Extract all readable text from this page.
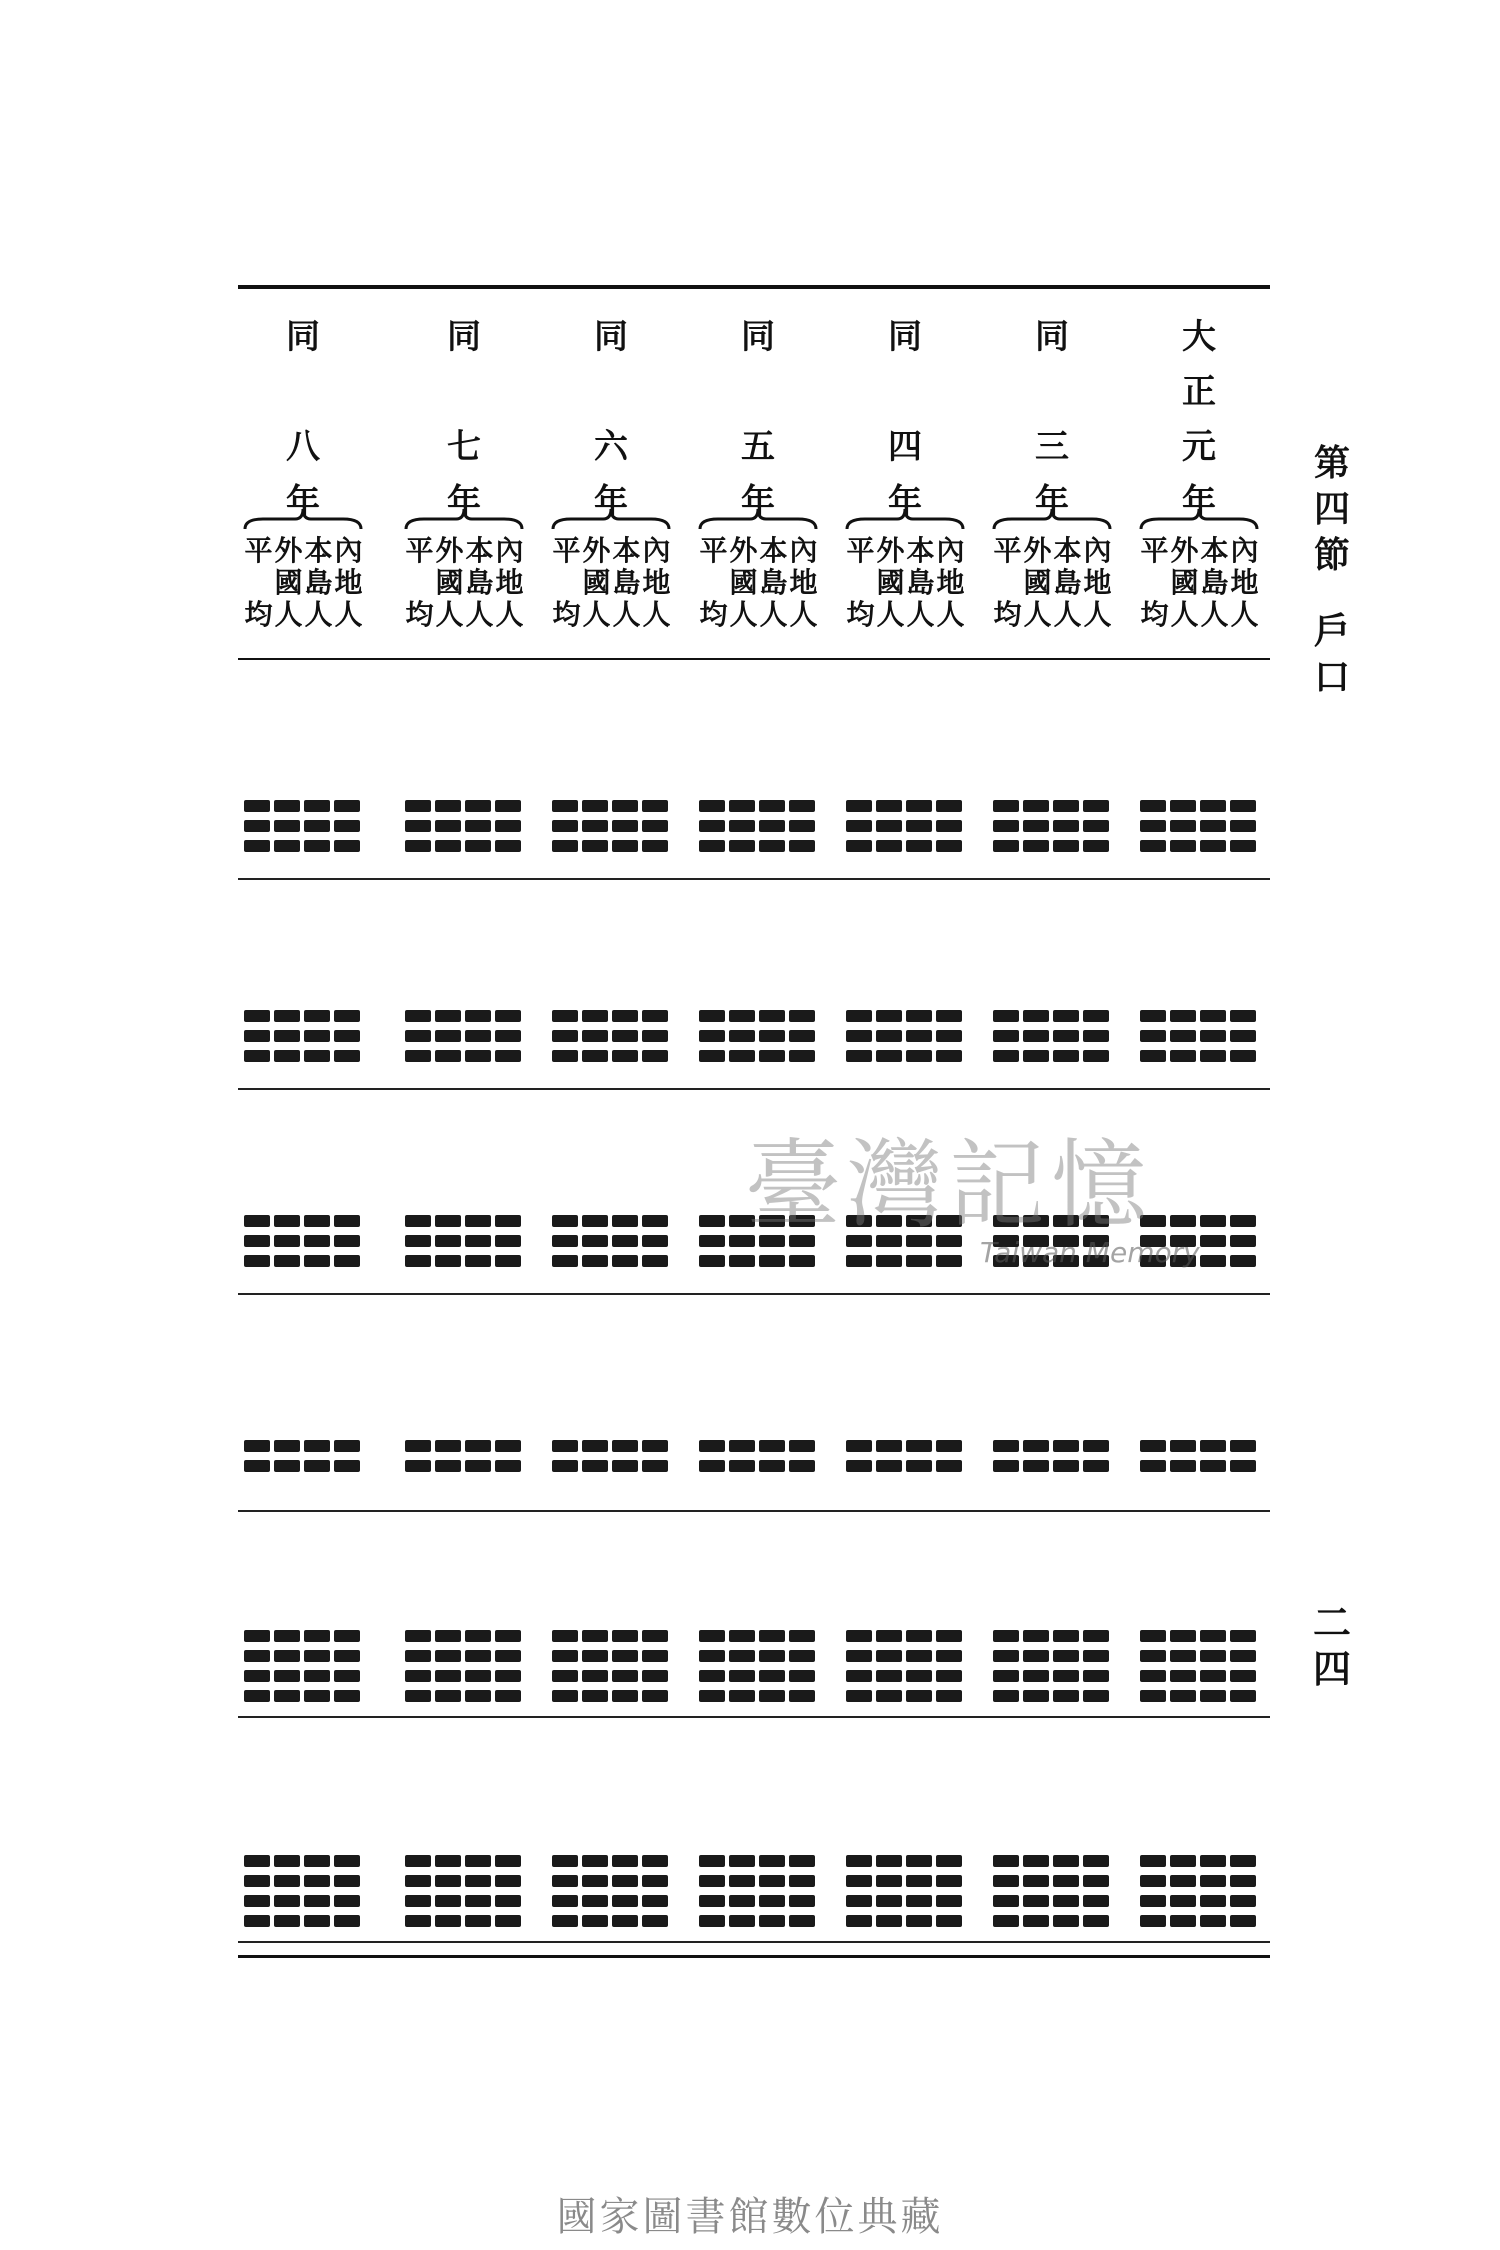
大
正
元
年
平 外 本 內
國 島 地
均 人 人 人
同
三
年
平 外 本 內
國 島 地
均 人 人 人
同
四
年
平 外 本 內
國 島 地
均 人 人 人
同
五
年
平 外 本 內
國 島 地
均 人 人 人
同
六
年
平 外 本 內
國 島 地
均 人 人 人
同
七
年
平 外 本 內
國 島 地
均 人 人 人
同
八
年
平 外 本 內
國 島 地
均 人 人 人
第
四
節
戶
口
二
四
臺灣記憶
Taiwan Memory
國家圖書館數位典藏
